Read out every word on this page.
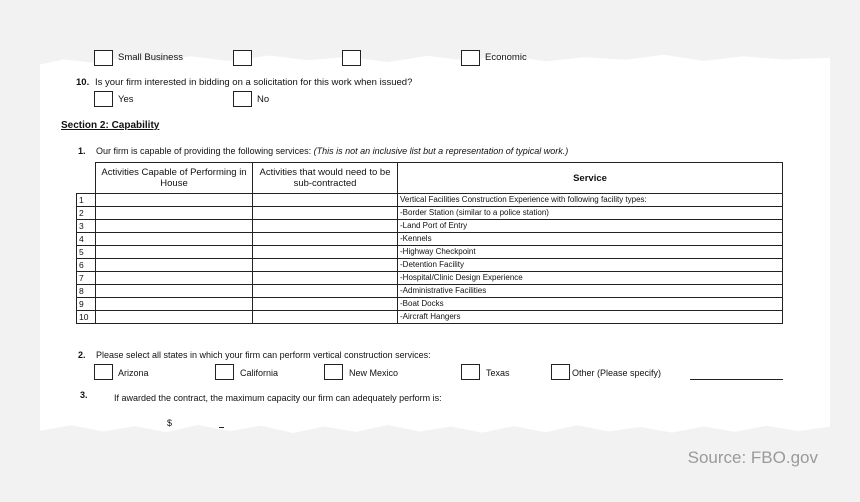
Small Business	Economic
10. Is your firm interested in bidding on a solicitation for this work when issued?
Yes	No
Section 2: Capability
1. Our firm is capable of providing the following services: (This is not an inclusive list but a representation of typical work.)
	Activities Capable of Performing in House	Activities that would need to be sub-contracted	Service
1			Vertical Facilities Construction Experience with following facility types:
2			-Border Station (similar to a police station)
3			-Land Port of Entry
4			-Kennels
5			-Highway Checkpoint
6			-Detention Facility
7			-Hospital/Clinic Design Experience
8			-Administrative Facilities
9			-Boat Docks
10			-Aircraft Hangers
2. Please select all states in which your firm can perform vertical construction services:
Arizona	California	New Mexico	Texas	Other (Please specify)
3.	If awarded the contract, the maximum capacity our firm can adequately perform is:
$
Source: FBO.gov
